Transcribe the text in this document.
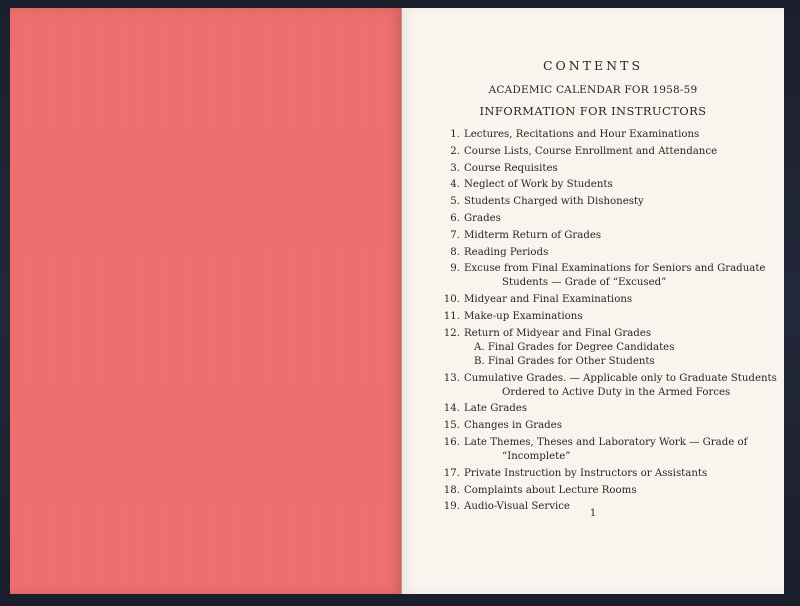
CONTENTS
ACADEMIC CALENDAR FOR 1958-59
INFORMATION FOR INSTRUCTORS
1. Lectures, Recitations and Hour Examinations
2. Course Lists, Course Enrollment and Attendance
3. Course Requisites
4. Neglect of Work by Students
5. Students Charged with Dishonesty
6. Grades
7. Midterm Return of Grades
8. Reading Periods
9. Excuse from Final Examinations for Seniors and Graduate
Students — Grade of “Excused”
10. Midyear and Final Examinations
11. Make-up Examinations
12. Return of Midyear and Final Grades
A. Final Grades for Degree Candidates
B. Final Grades for Other Students
13. Cumulative Grades. — Applicable only to Graduate Students
Ordered to Active Duty in the Armed Forces
14. Late Grades
15. Changes in Grades
16. Late Themes, Theses and Laboratory Work — Grade of
“Incomplete”
17. Private Instruction by Instructors or Assistants
18. Complaints about Lecture Rooms
19. Audio-Visual Service
1
